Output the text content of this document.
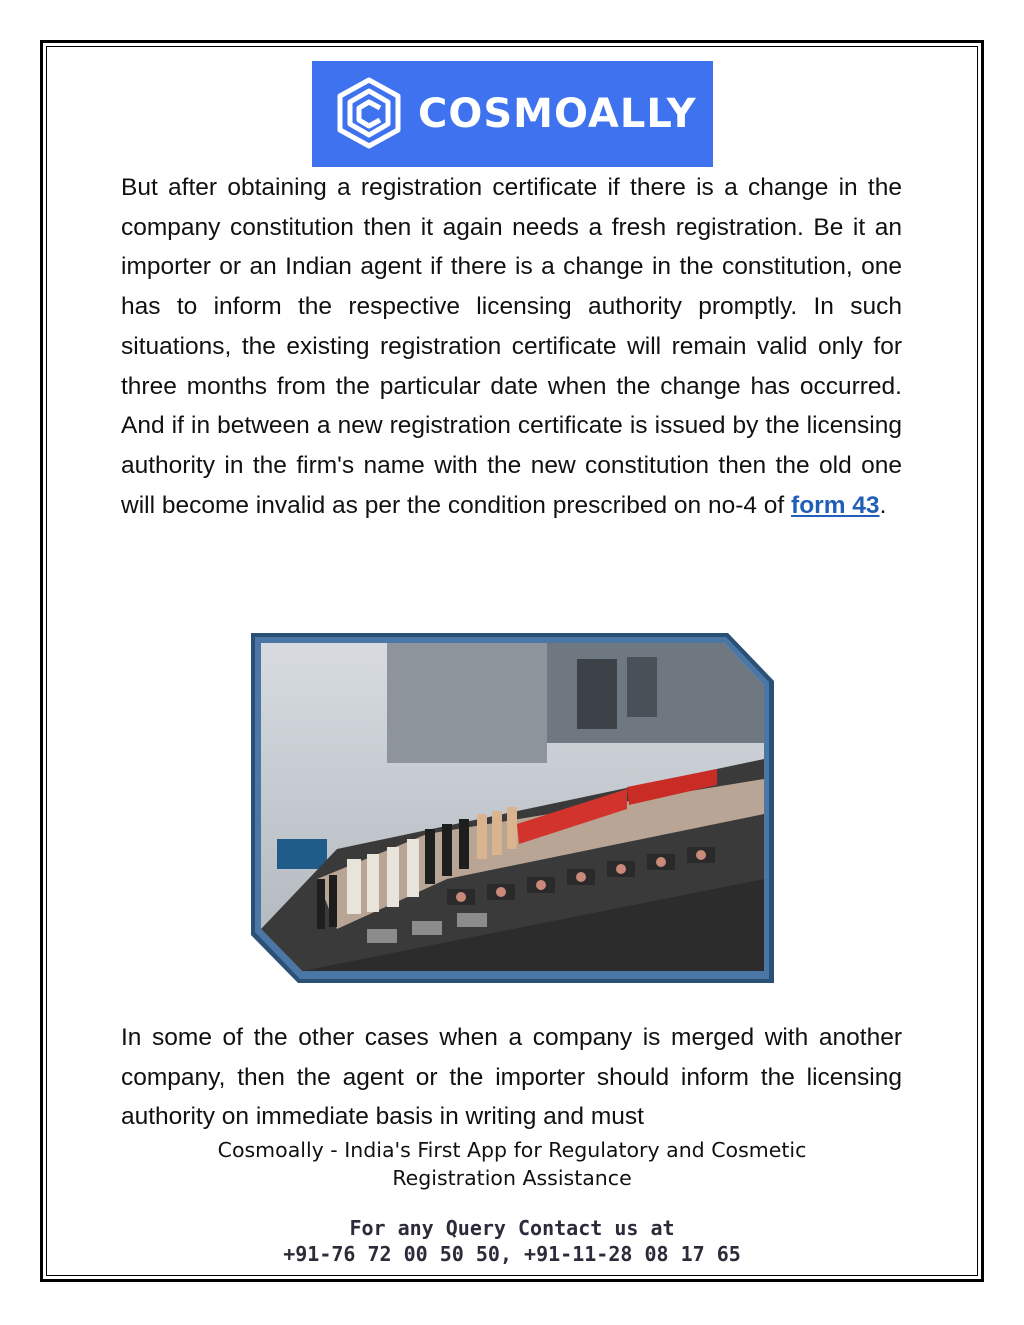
COSMOALLY

But after obtaining a registration certificate if there is a change in the company constitution then it again needs a fresh registration. Be it an importer or an Indian agent if there is a change in the constitution, one has to inform the respective licensing authority promptly. In such situations, the existing registration certificate will remain valid only for three months from the particular date when the change has occurred. And if in between a new registration certificate is issued by the licensing authority in the firm's name with the new constitution then the old one will become invalid as per the condition prescribed on no-4 of form 43.

In some of the other cases when a company is merged with another company, then the agent or the importer should inform the licensing authority on immediate basis in writing and must

Cosmoally - India's First App for Regulatory and Cosmetic
Registration Assistance
For any Query Contact us at
+91-76 72 00 50 50, +91-11-28 08 17 65
